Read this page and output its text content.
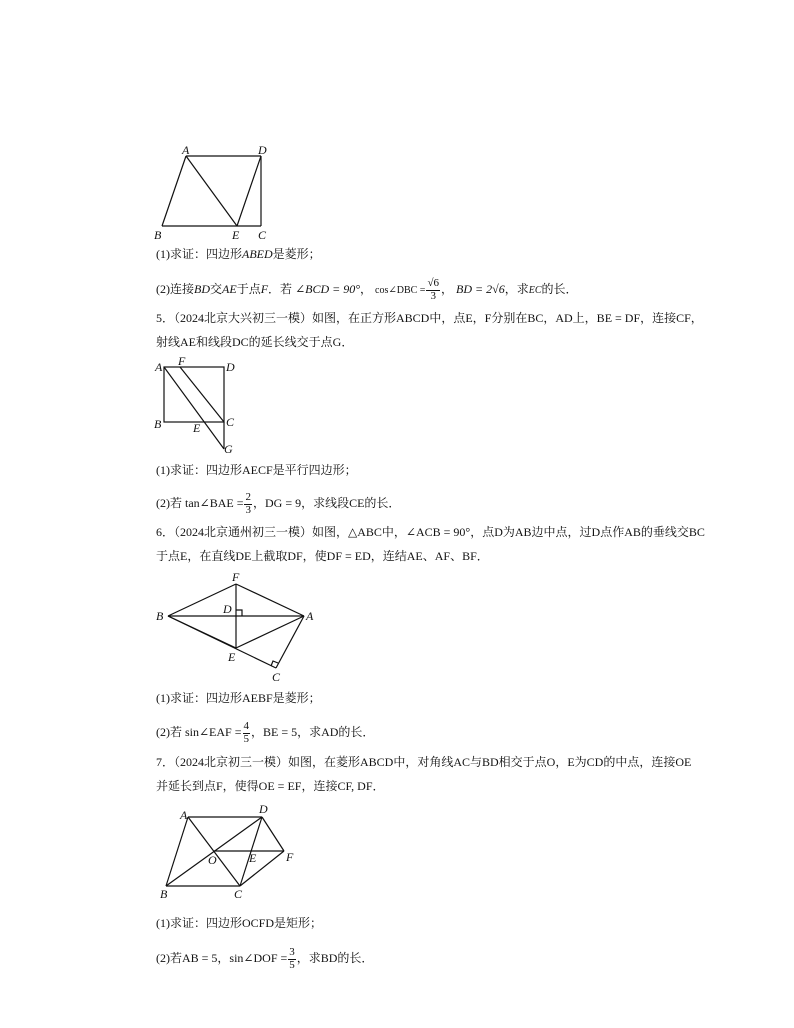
A	D
B	E C
(1)求证：四边形ABED是菱形；
(2)连接BD交AE于点F．若 ∠BCD = 90°， cos∠DBC = $\frac{√6}{3}$ ， BD = 2√6，求EC的长．
5．（2024北京大兴初三一模）如图，在正方形ABCD中，点E，F分别在BC，AD上，BE = DF，连接CF，
射线AE和线段DC的延长线交于点G．
A F	D
B	E C
G
(1)求证：四边形AECF是平行四边形；
(2)若 tan∠BAE = $\frac{2}{3}$ ，DG = 9，求线段CE的长．
6．（2024北京通州初三一模）如图，△ABC中，∠ACB = 90°，点D为AB边中点，过D点作AB的垂线交BC
于点E，在直线DE上截取DF，使DF = ED，连结AE、AF、BF．
F
D
B	A
E
C
(1)求证：四边形AEBF是菱形；
(2)若 sin∠EAF = $\frac{4}{5}$ ，BE = 5，求AD的长．
7．（2024北京初三一模）如图，在菱形ABCD中，对角线AC与BD相交于点O，E为CD的中点，连接OE
并延长到点F，使得OE = EF，连接CF, DF．
A	D
O	E F
B	C
(1)求证：四边形OCFD是矩形；
(2)若AB = 5，sin∠DOF = $\frac{3}{5}$ ，求BD的长．
